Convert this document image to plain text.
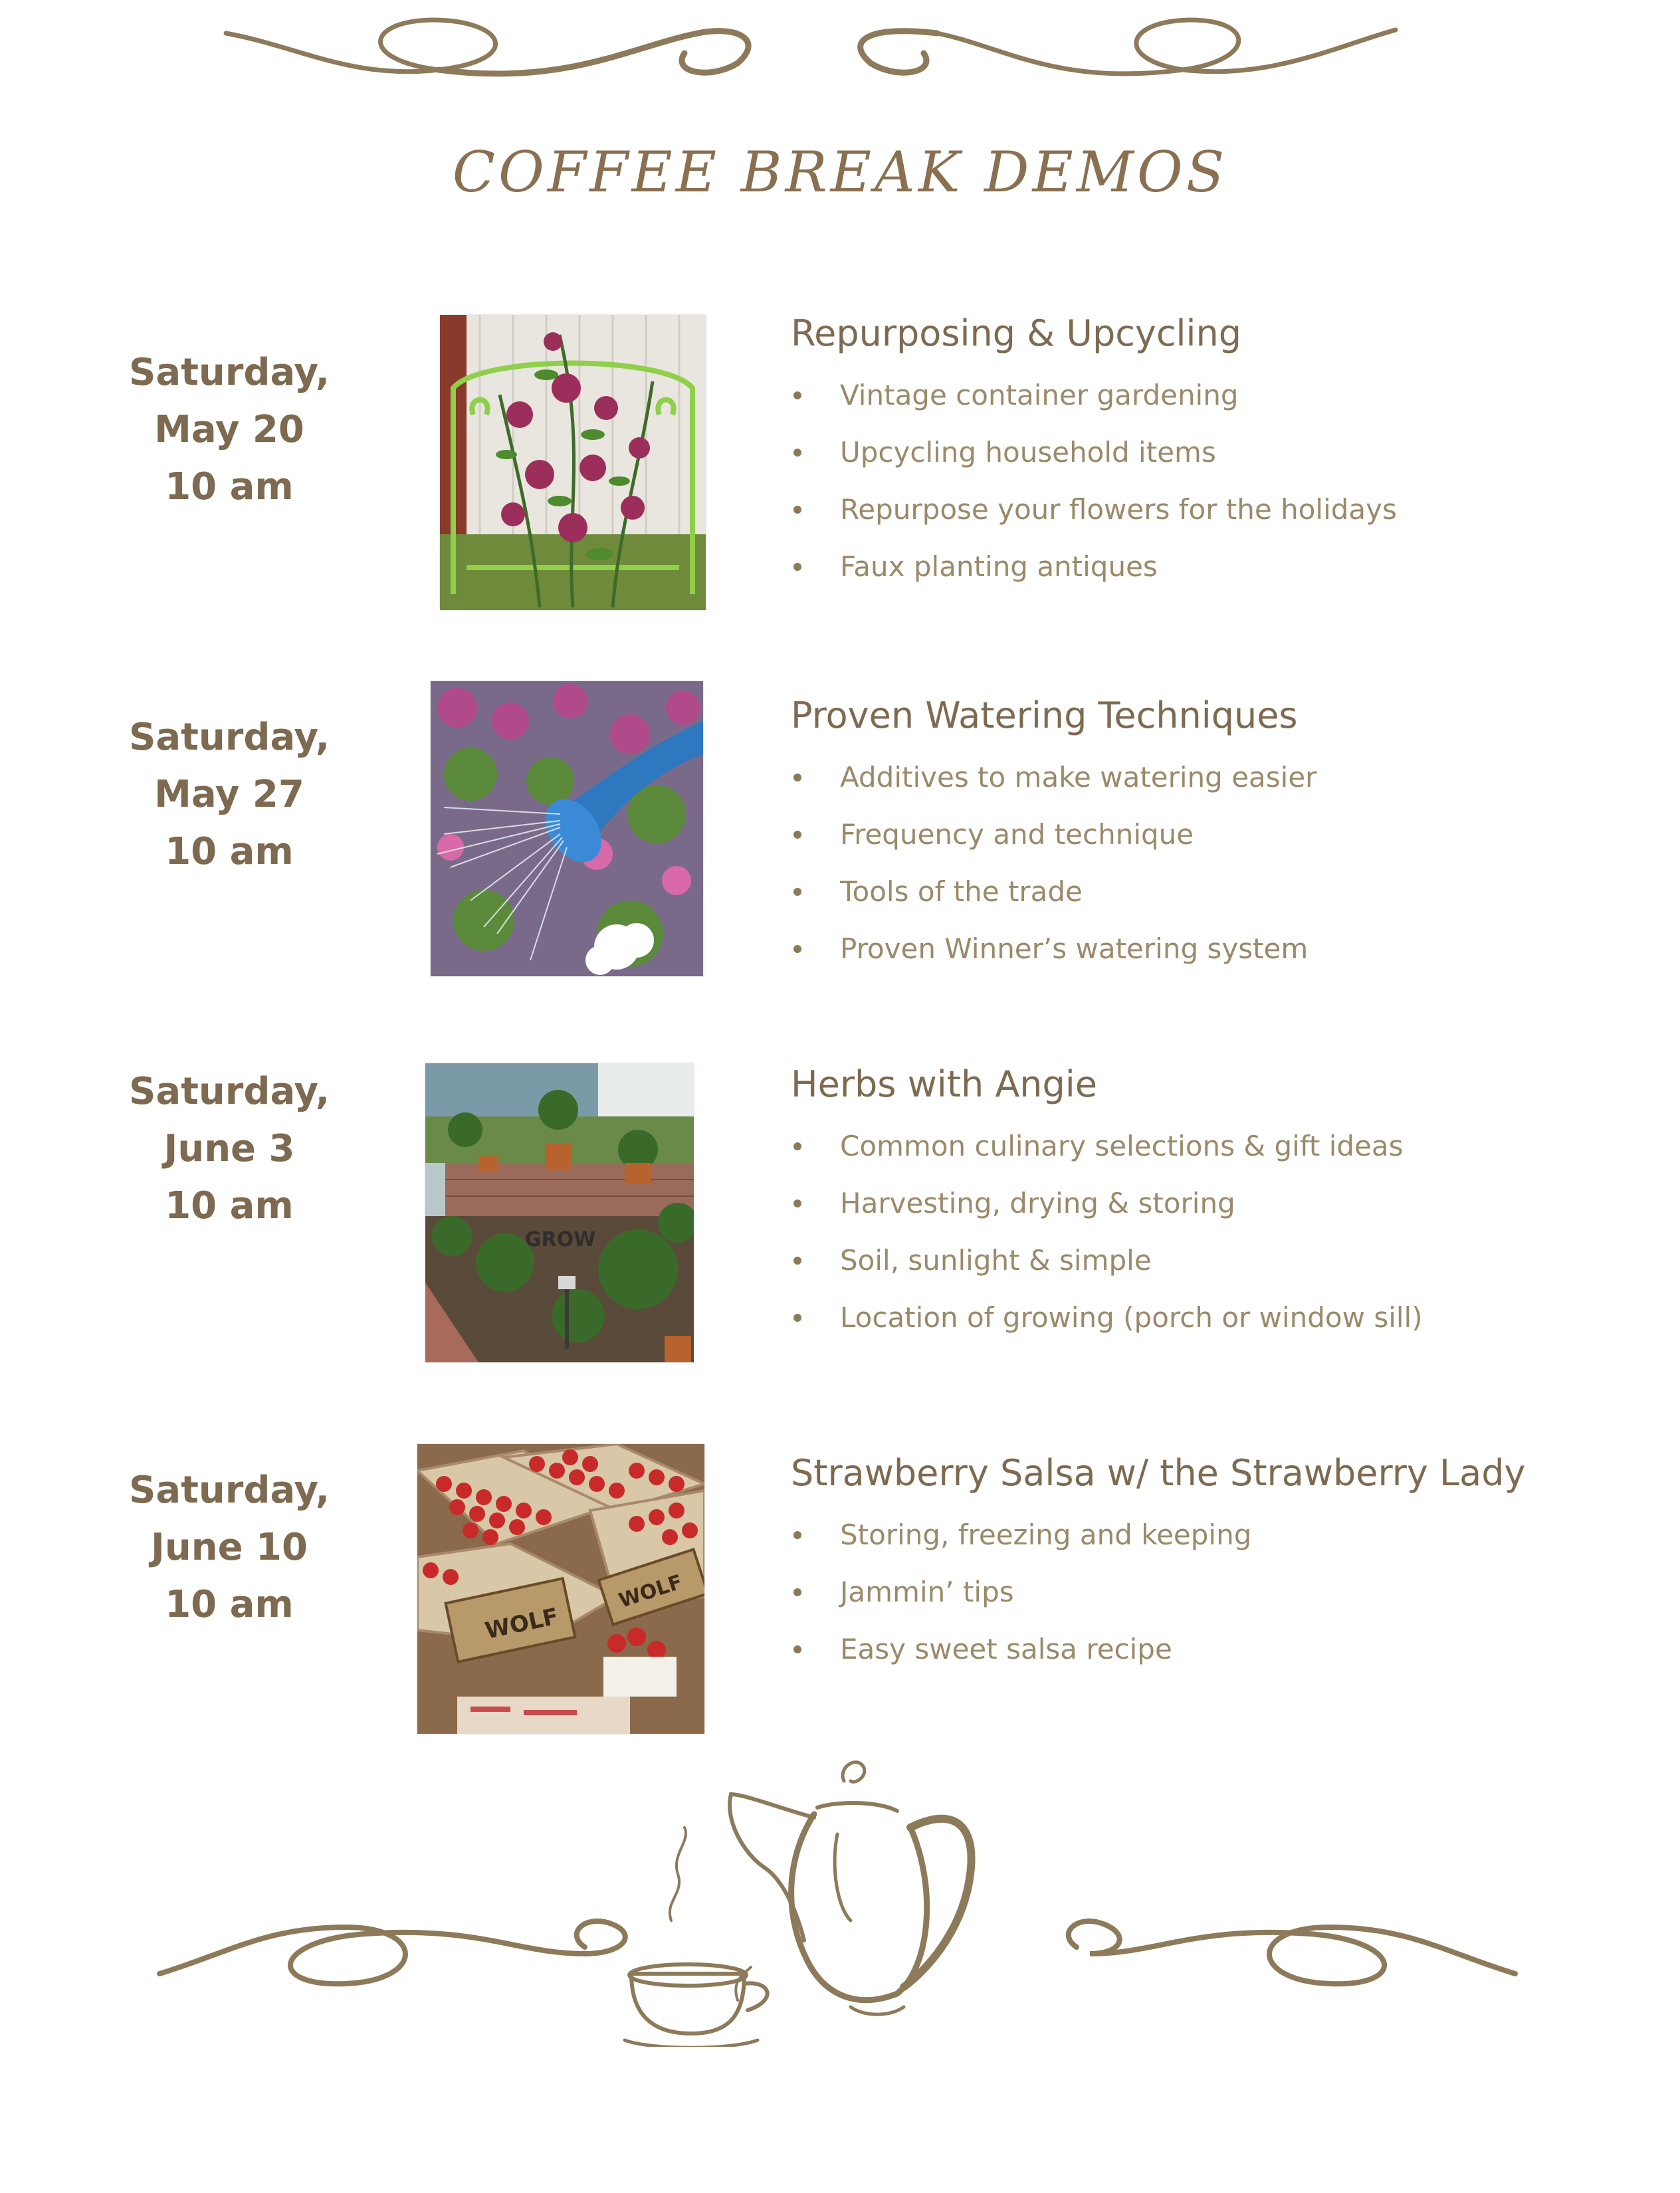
COFFEE BREAK DEMOS
Saturday,
May 20
10 am
Repurposing & Upcycling
Vintage container gardening
Upcycling household items
Repurpose your flowers for the holidays
Faux planting antiques
Saturday,
May 27
10 am
Proven Watering Techniques
Additives to make watering easier
Frequency and technique
Tools of the trade
Proven Winner’s watering system
Saturday,
June 3
10 am
GROW
Herbs with Angie
Common culinary selections & gift ideas
Harvesting, drying & storing
Soil, sunlight & simple
Location of growing (porch or window sill)
Saturday,
June 10
10 am	WOLF
WOLF
Strawberry Salsa w/ the Strawberry Lady
Storing, freezing and keeping
Jammin’ tips
Easy sweet salsa recipe
